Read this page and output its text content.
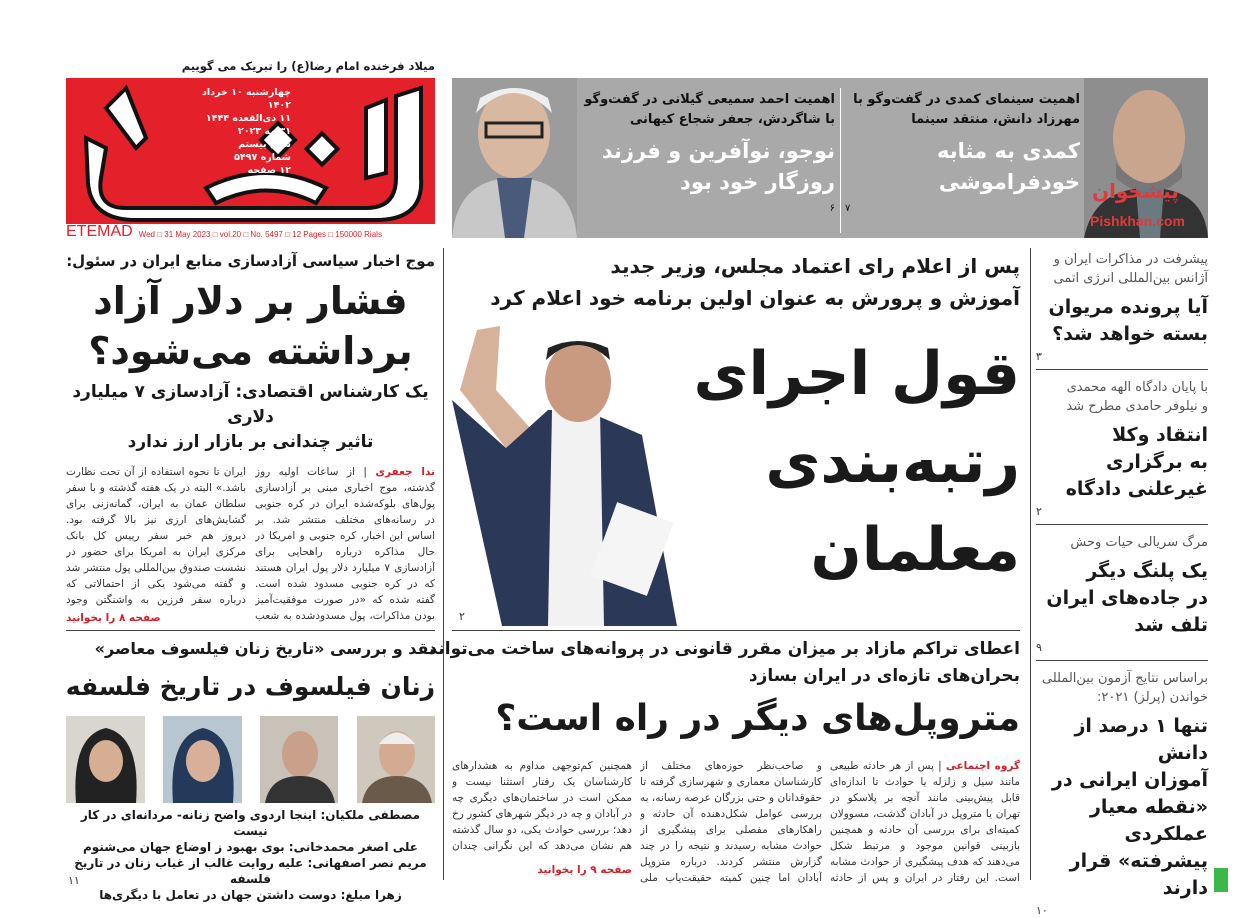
میلاد فرخنده امام رضا(ع) را تبریک می گوییم
چهارشنبه ۱۰ خرداد ۱۴۰۲
۱۱ ذی‌القعده ۱۴۴۴
۳۱ مه ۲۰۲۳
سال بیستم
شماره ۵۴۹۷
۱۲ صفحه
۱۵۰۰۰ تومان
ETEMAD Wed □ 31 May 2023 □ vol.20 □ No. 5497 □ 12 Pages □ 150000 Rials
اهمیت احمد سمیعی گیلانی در گفت‌وگو
با شاگردش، جعفر شجاع کیهانی
نوجو، نوآفرین و فرزند
روزگار خود بود
۶
اهمیت سینمای کمدی در گفت‌وگو با
مهرزاد دانش، منتقد سینما
کمدی به مثابه
خودفراموشی
۷
پیشخوان
Pishkhan.com
موج اخبار سیاسی آزادسازی منابع ایران در سئول:
فشار بر دلار آزاد
برداشته می‌شود؟
یک کارشناس اقتصادی: آزادسازی ۷ میلیارد دلاری
تاثیر چندانی بر بازار ارز ندارد
ندا جعفری | از ساعات اولیه روز گذشته، موج اخباری مبنی بر آزادسازی پول‌های بلوکه‌شده ایران در کره جنوبی در رسانه‌های مختلف منتشر شد. بر اساس این اخبار، کره جنوبی و امریکا در حال مذاکره درباره راهحایی برای آزادسازی ۷ میلیارد دلار پول ایران هستند که در کره جنوبی مسدود شده است. گفته شده که «در صورت موفقیت‌آمیز بودن مذاکرات، پول مسدودشده به شعب
ایران تا نحوه استفاده از آن تحت نظارت باشد.» البته در یک هفته گذشته و با سفر سلطان عمان به ایران، گمانه‌زنی برای گشایش‌های ارزی نیز بالا گرفته بود. دیروز هم خبر سفر رییس کل بانک مرکزی ایران به امریکا برای حضور در نشست صندوق بین‌المللی پول منتشر شد و گفته می‌شود یکی از احتمالاتی که درباره سفر فرزین به واشنگتن وجود
صفحه ۸ را بخوانید
نقد و بررسی «تاریخ زنان فیلسوف معاصر»
زنان فیلسوف در تاریخ فلسفه
مصطفی ملکیان: اینجا اردوی واضح زنانه- مردانه‌ای در کار نیست
علی اصغر محمدخانی: بوی بهبود ز اوضاع جهان می‌شنوم
مریم نصر اصفهانی: علیه روایت غالب از غیاب زنان در تاریخ فلسفه
زهرا مبلغ: دوست داشتن جهان در تعامل با دیگری‌ها
۱۱
پس از اعلام رای اعتماد مجلس، وزیر جدید
آموزش و پرورش به عنوان اولین برنامه خود اعلام کرد
۲
قول اجرای
رتبه‌بندی
معلمان
اعطای تراکم مازاد بر میزان مقرر قانونی در پروانه‌های ساخت می‌تواند
بحران‌های تازه‌ای در ایران بسازد
متروپل‌های دیگر در راه است؟
گروه اجتماعی | پس از هر حادثه طبیعی مانند سیل و زلزله یا حوادث تا اندازه‌ای قابل پیش‌بینی مانند آنچه بر پلاسکو در تهران یا متروپل در آبادان گذشت، مسوولان کمیته‌ای برای بررسی آن حادثه و همچنین بازبینی قوانین موجود و مرتبط شکل می‌دهند که هدف پیشگیری از حوادث مشابه است. این رفتار در ایران و پس از حادثه
و صاحب‌نظر حوزه‌های مختلف از کارشناسان معماری و شهرسازی گرفته تا حقوقدانان و حتی بزرگان عرصه رسانه، به بررسی عوامل شکل‌دهنده آن حادثه و راهکارهای مفصلی برای پیشگیری از حوادث مشابه رسیدند و نتیجه را در چند گزارش منتشر کردند. درباره متروپل آبادان اما چنین کمیته حقیقت‌یاب ملی
همچنین کم‌توجهی مداوم به هشدارهای کارشناسان یک رفتار استثنا نیست و ممکن است در ساختمان‌های دیگری چه در آبادان و چه در دیگر شهرهای کشور رخ دهد؛ بررسی حوادث یکی، دو سال گذشته هم نشان می‌دهد که این نگرانی چندان
صفحه ۹ را بخوانید
پیشرفت در مذاکرات ایران و
آژانس بین‌المللی انرژی اتمی
آیا پرونده مریوان
بسته خواهد شد؟
۳
با پایان دادگاه الهه محمدی
و نیلوفر حامدی مطرح شد
انتقاد وکلا
به برگزاری
غیرعلنی دادگاه
۲
مرگ سریالی حیات وحش
یک پلنگ دیگر
در جاده‌های ایران
تلف شد
۹
براساس نتایج آزمون بین‌المللی
خواندن (پرلز) ۲۰۲۱:
تنها ۱ درصد از دانش
آموزان ایرانی در
«نقطه معیار عملکردی
پیشرفته» قرار دارند
۱۰
